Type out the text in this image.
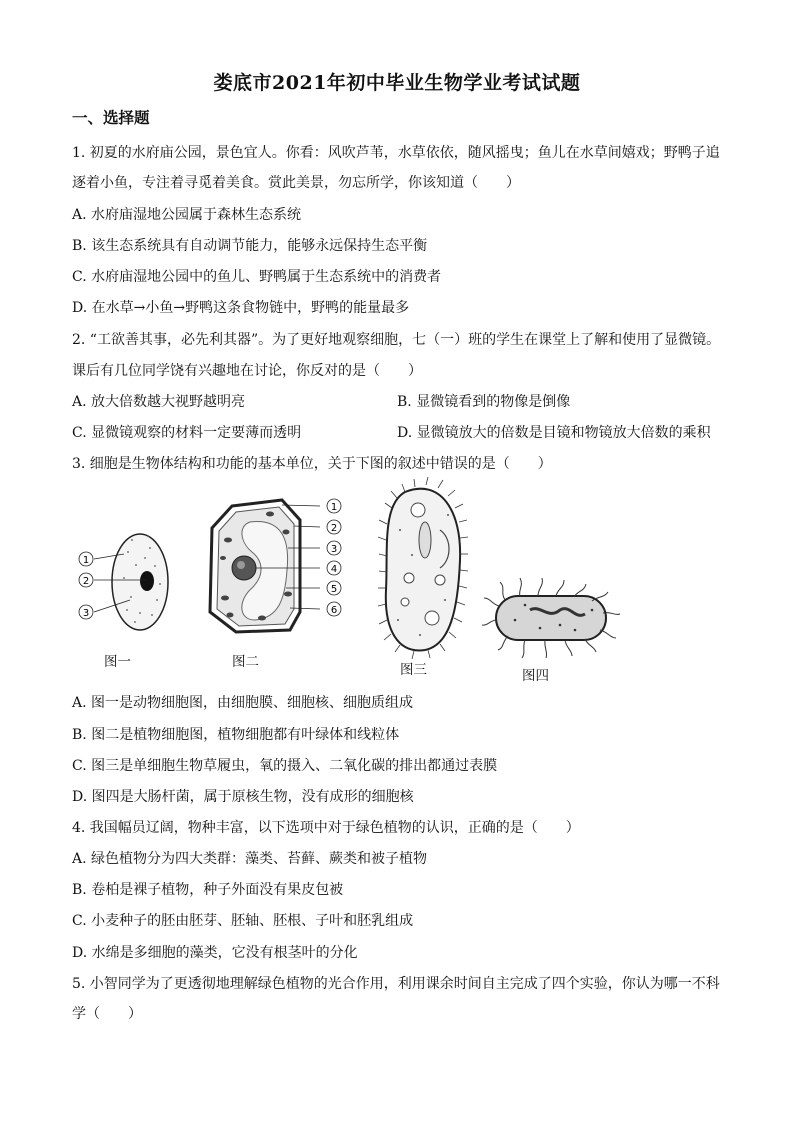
娄底市2021年初中毕业生物学业考试试题
一、选择题
1. 初夏的水府庙公园，景色宜人。你看：风吹芦苇，水草依依，随风摇曳；鱼儿在水草间嬉戏；野鸭子追
逐着小鱼，专注着寻觅着美食。赏此美景，勿忘所学，你该知道（　　）
A. 水府庙湿地公园属于森林生态系统
B. 该生态系统具有自动调节能力，能够永远保持生态平衡
C. 水府庙湿地公园中的鱼儿、野鸭属于生态系统中的消费者
D. 在水草→小鱼→野鸭这条食物链中，野鸭的能量最多
2. “工欲善其事，必先利其器”。为了更好地观察细胞，七（一）班的学生在课堂上了解和使用了显微镜。
课后有几位同学饶有兴趣地在讨论，你反对的是（　　）
A. 放大倍数越大视野越明亮	B. 显微镜看到的物像是倒像
C. 显微镜观察的材料一定要薄而透明	D. 显微镜放大的倍数是目镜和物镜放大倍数的乘积
3. 细胞是生物体结构和功能的基本单位，关于下图的叙述中错误的是（　　）
1
2
3
1
2
3
4
5
6
图一	图二	图三	图四
A. 图一是动物细胞图，由细胞膜、细胞核、细胞质组成
B. 图二是植物细胞图，植物细胞都有叶绿体和线粒体
C. 图三是单细胞生物草履虫，氧的摄入、二氧化碳的排出都通过表膜
D. 图四是大肠杆菌，属于原核生物，没有成形的细胞核
4. 我国幅员辽阔，物种丰富，以下选项中对于绿色植物的认识，正确的是（　　）
A. 绿色植物分为四大类群：藻类、苔藓、蕨类和被子植物
B. 卷柏是裸子植物，种子外面没有果皮包被
C. 小麦种子的胚由胚芽、胚轴、胚根、子叶和胚乳组成
D. 水绵是多细胞的藻类，它没有根茎叶的分化
5. 小智同学为了更透彻地理解绿色植物的光合作用，利用课余时间自主完成了四个实验，你认为哪一不科
学（　　）
